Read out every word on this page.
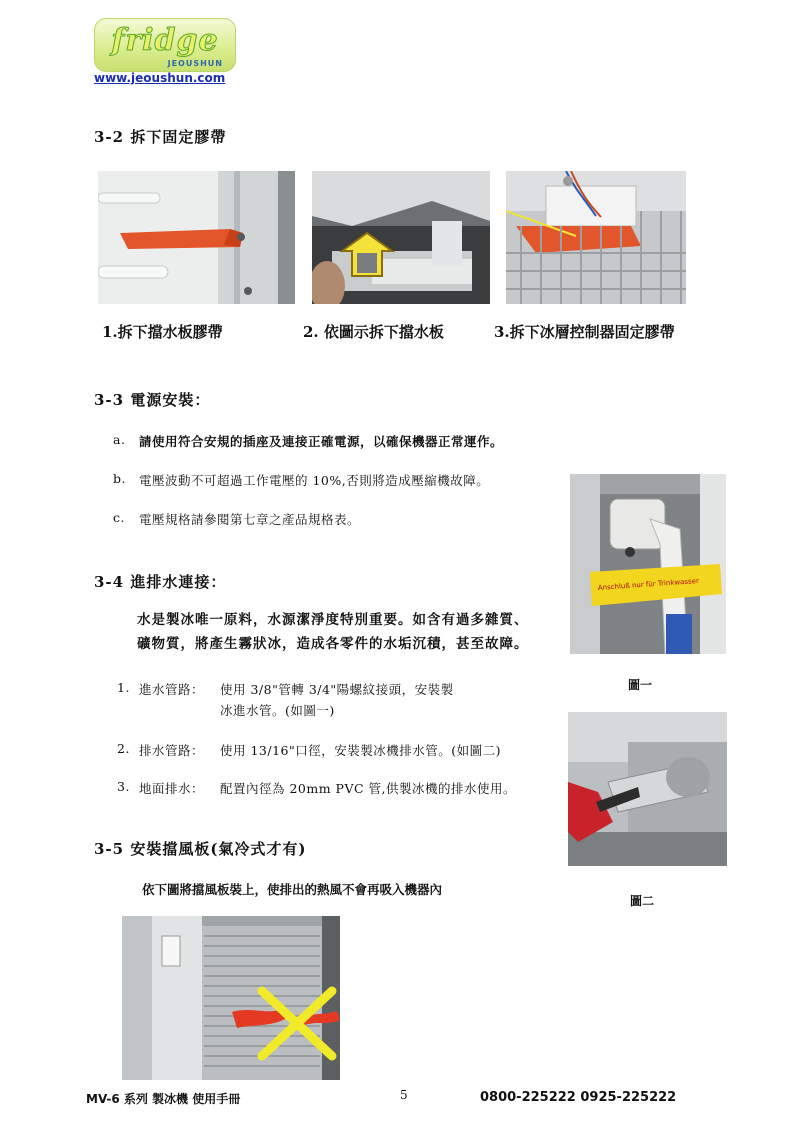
fridge
JEOUSHUN
www.jeoushun.com
3-2 拆下固定膠帶
1.拆下擋水板膠帶	2. 依圖示拆下擋水板	3.拆下冰層控制器固定膠帶
3-3 電源安裝：
a. 請使用符合安規的插座及連接正確電源，以確保機器正常運作。
b. 電壓波動不可超過工作電壓的 10%,否則將造成壓縮機故障。
c. 電壓規格請參閱第七章之產品規格表。
Anschluß nur für Trinkwasser
3-4 進排水連接：
水是製冰唯一原料，水源潔淨度特別重要。如含有過多雜質、
礦物質，將產生霧狀冰，造成各零件的水垢沉積，甚至故障。
圖一
1. 進水管路： 使用 3/8"管轉 3/4"陽螺紋接頭，安裝製
冰進水管。(如圖一)
2. 排水管路： 使用 13/16"口徑，安裝製冰機排水管。(如圖二)
3. 地面排水： 配置內徑為 20mm PVC 管,供製冰機的排水使用。
圖二
3-5 安裝擋風板(氣冷式才有)
依下圖將擋風板裝上，使排出的熱風不會再吸入機器內
MV-6 系列 製冰機 使用手冊	5	0800-225222 0925-225222
